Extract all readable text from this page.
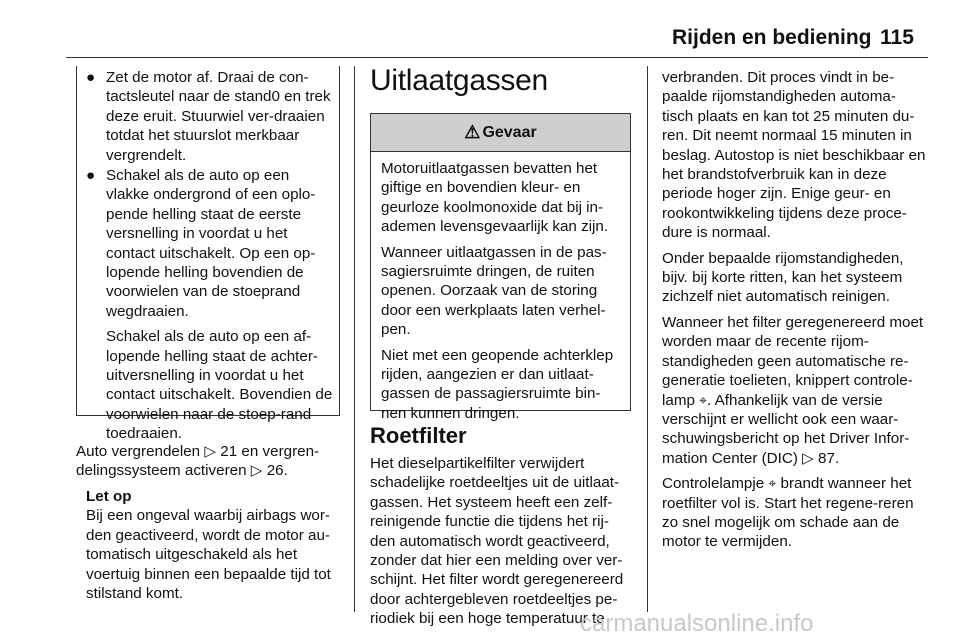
Rijden en bediening 115
● Zet de motor af. Draai de con-tactsleutel naar de stand0 en trek deze eruit. Stuurwiel ver-draaien totdat het stuurslot merkbaar vergrendelt.
● Schakel als de auto op een vlakke ondergrond of een oplo-pende helling staat de eerste versnelling in voordat u het contact uitschakelt. Op een op-lopende helling bovendien de voorwielen van de stoeprand wegdraaien.
Schakel als de auto op een af-lopende helling staat de achter-uitversnelling in voordat u het contact uitschakelt. Bovendien de voorwielen naar de stoep-rand toedraaien.
Auto vergrendelen ▷ 21 en vergren-delingssysteem activeren ▷ 26.
Let op
Bij een ongeval waarbij airbags wor-den geactiveerd, wordt de motor au-tomatisch uitgeschakeld als het voertuig binnen een bepaalde tijd tot stilstand komt.
Uitlaatgassen
⚠ Gevaar

Motoruitlaatgassen bevatten het giftige en bovendien kleur- en geurloze koolmonoxide dat bij in-ademen levensgevaarlijk kan zijn.

Wanneer uitlaatgassen in de pas-sagiersruimte dringen, de ruiten openen. Oorzaak van de storing door een werkplaats laten verhel-pen.

Niet met een geopende achterklep rijden, aangezien er dan uitlaat-gassen de passagiersruimte bin-nen kunnen dringen.

Roetfilter
Het dieselpartikelfilter verwijdert schadelijke roetdeeltjes uit de uitlaat-gassen. Het systeem heeft een zelf-reinigende functie die tijdens het rij-den automatisch wordt geactiveerd, zonder dat hier een melding over ver-schijnt. Het filter wordt geregenereerd door achtergebleven roetdeeltjes pe-riodiek bij een hoge temperatuur te

verbranden. Dit proces vindt in be-paalde rijomstandigheden automa-tisch plaats en kan tot 25 minuten du-ren. Dit neemt normaal 15 minuten in beslag. Autostop is niet beschikbaar en het brandstofverbruik kan in deze periode hoger zijn. Enige geur- en rookontwikkeling tijdens deze proce-dure is normaal.

Onder bepaalde rijomstandigheden, bijv. bij korte ritten, kan het systeem zichzelf niet automatisch reinigen.

Wanneer het filter geregenereerd moet worden maar de recente rijom-standigheden geen automatische re-generatie toelieten, knippert controle-lamp ⌖. Afhankelijk van de versie verschijnt er wellicht ook een waar-schuwingsbericht op het Driver Infor-mation Center (DIC) ▷ 87.

Controlelampje ⌖ brandt wanneer het roetfilter vol is. Start het regene-reren zo snel mogelijk om schade aan de motor te vermijden.

carmanualsonline.info
